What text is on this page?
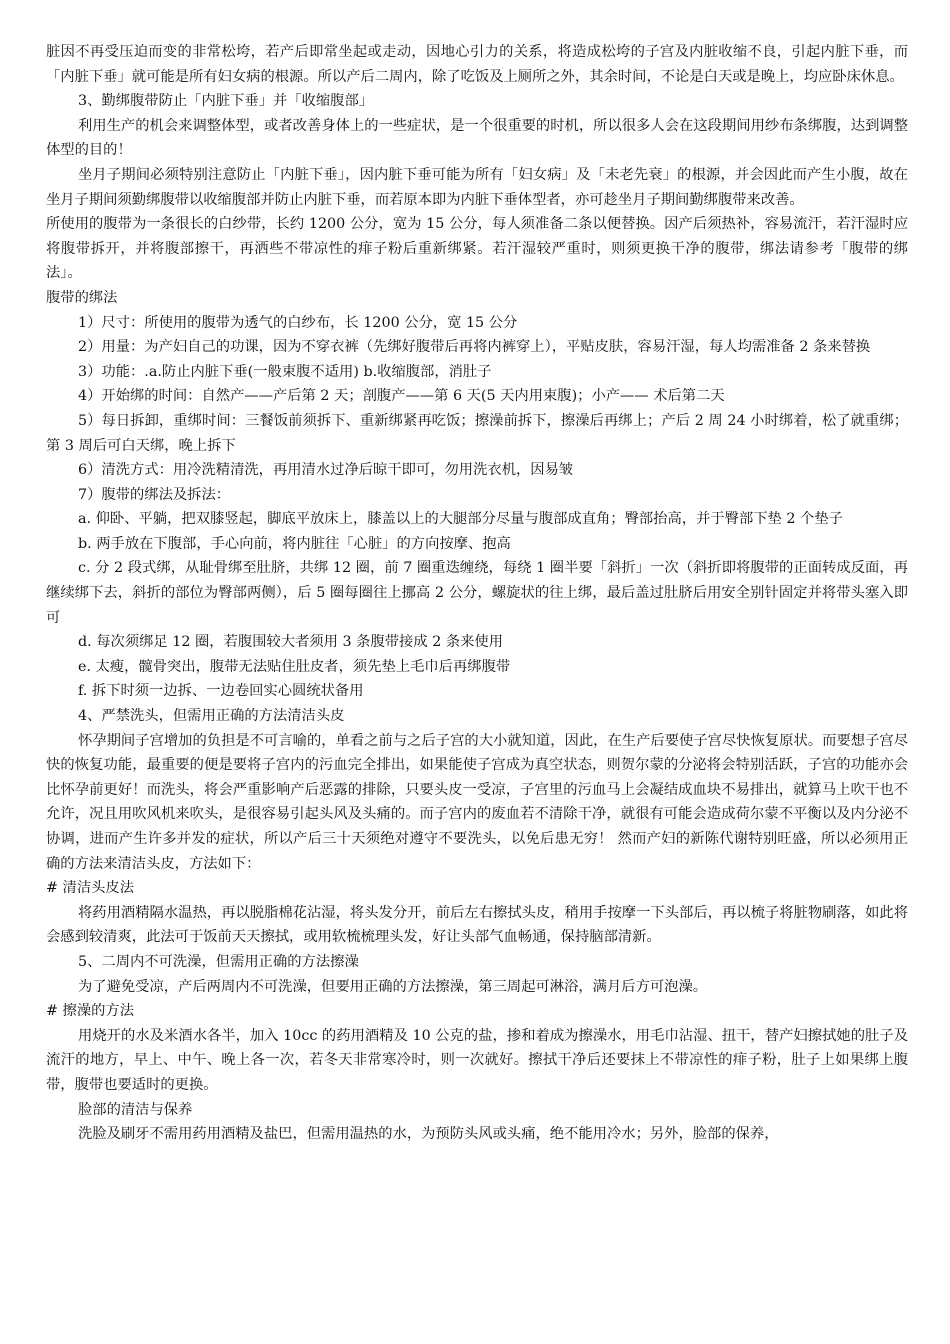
脏因不再受压迫而变的非常松垮，若产后即常坐起或走动，因地心引力的关系，将造成松垮的子宫及内脏收缩不良，引起内脏下垂，而「内脏下垂」就可能是所有妇女病的根源。所以产后二周内，除了吃饭及上厕所之外，其余时间，不论是白天或是晚上，均应卧床休息。

3、勤绑腹带防止「内脏下垂」并「收缩腹部」

利用生产的机会来调整体型，或者改善身体上的一些症状，是一个很重要的时机，所以很多人会在这段期间用纱布条绑腹，达到调整体型的目的！

坐月子期间必须特别注意防止「内脏下垂」，因内脏下垂可能为所有「妇女病」及「未老先衰」的根源，并会因此而产生小腹，故在坐月子期间须勤绑腹带以收缩腹部并防止内脏下垂，而若原本即为内脏下垂体型者，亦可趁坐月子期间勤绑腹带来改善。

所使用的腹带为一条很长的白纱带，长约 1200 公分，宽为 15 公分，每人须准备二条以便替换。因产后须热补，容易流汗，若汗湿时应将腹带拆开，并将腹部擦干，再洒些不带凉性的痱子粉后重新绑紧。若汗湿较严重时，则须更换干净的腹带，绑法请参考「腹带的绑法」。

腹带的绑法

1）尺寸：所使用的腹带为透气的白纱布，长 1200 公分，宽 15 公分

2）用量：为产妇自己的功课，因为不穿衣裤（先绑好腹带后再将内裤穿上），平贴皮肤，容易汗湿，每人均需准备 2 条来替换

3）功能：.a.防止内脏下垂(一般束腹不适用) b.收缩腹部，消肚子

4）开始绑的时间：自然产——产后第 2 天；剖腹产——第 6 天(5 天内用束腹)；小产—— 术后第二天

5）每日拆卸，重绑时间：三餐饭前须拆下、重新绑紧再吃饭；擦澡前拆下，擦澡后再绑上；产后 2 周 24 小时绑着，松了就重绑；第 3 周后可白天绑，晚上拆下

6）清洗方式：用冷洗精清洗，再用清水过净后晾干即可，勿用洗衣机，因易皱

7）腹带的绑法及拆法：

a. 仰卧、平躺，把双膝竖起，脚底平放床上，膝盖以上的大腿部分尽量与腹部成直角；臀部抬高，并于臀部下垫 2 个垫子

b. 两手放在下腹部，手心向前，将内脏往「心脏」的方向按摩、抱高

c. 分 2 段式绑，从耻骨绑至肚脐，共绑 12 圈，前 7 圈重迭缠绕，每绕 1 圈半要「斜折」一次（斜折即将腹带的正面转成反面，再继续绑下去，斜折的部位为臀部两侧），后 5 圈每圈往上挪高 2 公分，螺旋状的往上绑，最后盖过肚脐后用安全别针固定并将带头塞入即可

d. 每次须绑足 12 圈，若腹围较大者须用 3 条腹带接成 2 条来使用

e. 太瘦，髋骨突出，腹带无法贴住肚皮者，须先垫上毛巾后再绑腹带

f. 拆下时须一边拆、一边卷回实心圆统状备用

4、严禁洗头，但需用正确的方法清洁头皮

怀孕期间子宫增加的负担是不可言喻的，单看之前与之后子宫的大小就知道，因此，在生产后要使子宫尽快恢复原状。而要想子宫尽快的恢复功能，最重要的便是要将子宫内的污血完全排出，如果能使子宫成为真空状态，则贺尔蒙的分泌将会特别活跃，子宫的功能亦会比怀孕前更好！而洗头，将会严重影响产后恶露的排除，只要头皮一受凉，子宫里的污血马上会凝结成血块不易排出，就算马上吹干也不允许，况且用吹风机来吹头，是很容易引起头风及头痛的。而子宫内的废血若不清除干净，就很有可能会造成荷尔蒙不平衡以及内分泌不协调，进而产生许多并发的症状，所以产后三十天须绝对遵守不要洗头，以免后患无穷！ 然而产妇的新陈代谢特别旺盛，所以必须用正确的方法来清洁头皮，方法如下：

# 清洁头皮法

将药用酒精隔水温热，再以脱脂棉花沾湿，将头发分开，前后左右擦拭头皮，稍用手按摩一下头部后，再以梳子将脏物刷落，如此将会感到较清爽，此法可于饭前天天擦拭，或用软梳梳理头发，好让头部气血畅通，保持脑部清新。

5、二周内不可洗澡，但需用正确的方法擦澡

为了避免受凉，产后两周内不可洗澡，但要用正确的方法擦澡，第三周起可淋浴，满月后方可泡澡。

# 擦澡的方法

用烧开的水及米酒水各半，加入 10cc 的药用酒精及 10 公克的盐，掺和着成为擦澡水，用毛巾沾湿、扭干，替产妇擦拭她的肚子及流汗的地方，早上、中午、晚上各一次，若冬天非常寒冷时，则一次就好。擦拭干净后还要抹上不带凉性的痱子粉，肚子上如果绑上腹带，腹带也要适时的更换。

脸部的清洁与保养

洗脸及刷牙不需用药用酒精及盐巴，但需用温热的水，为预防头风或头痛，绝不能用冷水；另外，脸部的保养，
